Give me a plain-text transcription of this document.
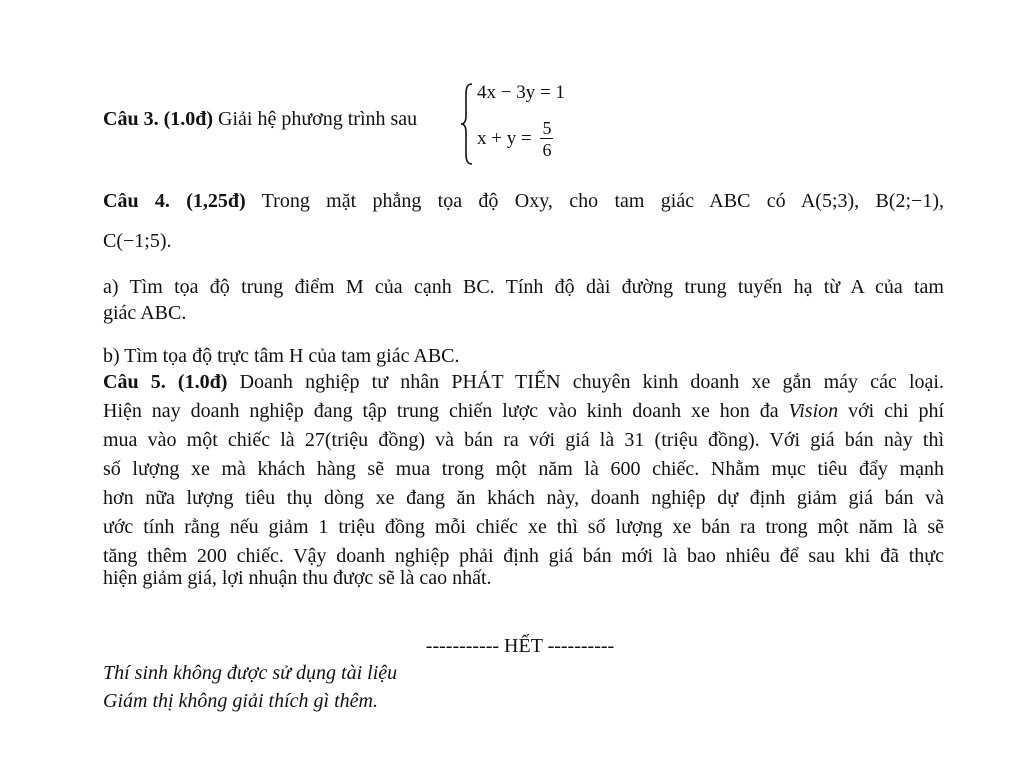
Câu 3. (1.0đ) Giải hệ phương trình sau
4x − 3y = 1
$x + y = \frac{5}{6}$
Câu 4. (1,25đ) Trong mặt phẳng tọa độ Oxy, cho tam giác ABC có A(5;3), B(2;−1),
C(−1;5).
a) Tìm tọa độ trung điểm M của cạnh BC. Tính độ dài đường trung tuyến hạ từ A của tam
giác ABC.
b) Tìm tọa độ trực tâm H của tam giác ABC.
Câu 5. (1.0đ) Doanh nghiệp tư nhân PHÁT TIẾN chuyên kinh doanh xe gắn máy các loại.
Hiện nay doanh nghiệp đang tập trung chiến lược vào kinh doanh xe hon đa Vision với chi phí
mua vào một chiếc là 27(triệu đồng) và bán ra với giá là 31 (triệu đồng). Với giá bán này thì
số lượng xe mà khách hàng sẽ mua trong một năm là 600 chiếc. Nhằm mục tiêu đẩy mạnh
hơn nữa lượng tiêu thụ dòng xe đang ăn khách này, doanh nghiệp dự định giảm giá bán và
ước tính rằng nếu giảm 1 triệu đồng mỗi chiếc xe thì số lượng xe bán ra trong một năm là sẽ
tăng thêm 200 chiếc. Vậy doanh nghiệp phải định giá bán mới là bao nhiêu để sau khi đã thực
hiện giảm giá, lợi nhuận thu được sẽ là cao nhất.
----------- HẾT ----------
Thí sinh không được sử dụng tài liệu
Giám thị không giải thích gì thêm.
